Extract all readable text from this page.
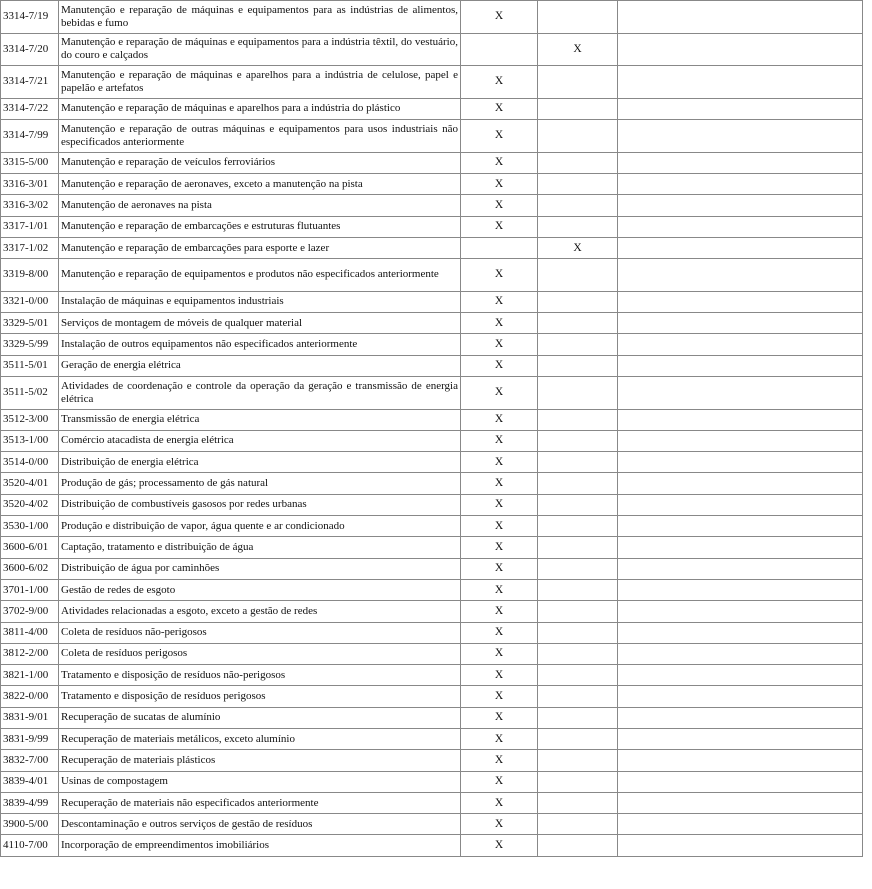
3314-7/19	Manutenção e reparação de máquinas e equipamentos para as indústrias de alimentos, bebidas e fumo	X		
3314-7/20	Manutenção e reparação de máquinas e equipamentos para a indústria têxtil, do vestuário, do couro e calçados		X	
3314-7/21	Manutenção e reparação de máquinas e aparelhos para a indústria de celulose, papel e papelão e artefatos	X		
3314-7/22	Manutenção e reparação de máquinas e aparelhos para a indústria do plástico	X		
3314-7/99	Manutenção e reparação de outras máquinas e equipamentos para usos industriais não especificados anteriormente	X		
3315-5/00	Manutenção e reparação de veículos ferroviários	X		
3316-3/01	Manutenção e reparação de aeronaves, exceto a manutenção na pista	X		
3316-3/02	Manutenção de aeronaves na pista	X		
3317-1/01	Manutenção e reparação de embarcações e estruturas flutuantes	X		
3317-1/02	Manutenção e reparação de embarcações para esporte e lazer		X	
3319-8/00	Manutenção e reparação de equipamentos e produtos não especificados anteriormente	X		
3321-0/00	Instalação de máquinas e equipamentos industriais	X		
3329-5/01	Serviços de montagem de móveis de qualquer material	X		
3329-5/99	Instalação de outros equipamentos não especificados anteriormente	X		
3511-5/01	Geração de energia elétrica	X		
3511-5/02	Atividades de coordenação e controle da operação da geração e transmissão de energia elétrica	X		
3512-3/00	Transmissão de energia elétrica	X		
3513-1/00	Comércio atacadista de energia elétrica	X		
3514-0/00	Distribuição de energia elétrica	X		
3520-4/01	Produção de gás; processamento de gás natural	X		
3520-4/02	Distribuição de combustíveis gasosos por redes urbanas	X		
3530-1/00	Produção e distribuição de vapor, água quente e ar condicionado	X		
3600-6/01	Captação, tratamento e distribuição de água	X		
3600-6/02	Distribuição de água por caminhões	X		
3701-1/00	Gestão de redes de esgoto	X		
3702-9/00	Atividades relacionadas a esgoto, exceto a gestão de redes	X		
3811-4/00	Coleta de resíduos não-perigosos	X		
3812-2/00	Coleta de resíduos perigosos	X		
3821-1/00	Tratamento e disposição de resíduos não-perigosos	X		
3822-0/00	Tratamento e disposição de resíduos perigosos	X		
3831-9/01	Recuperação de sucatas de alumínio	X		
3831-9/99	Recuperação de materiais metálicos, exceto alumínio	X		
3832-7/00	Recuperação de materiais plásticos	X		
3839-4/01	Usinas de compostagem	X		
3839-4/99	Recuperação de materiais não especificados anteriormente	X		
3900-5/00	Descontaminação e outros serviços de gestão de resíduos	X		
4110-7/00	Incorporação de empreendimentos imobiliários	X		
